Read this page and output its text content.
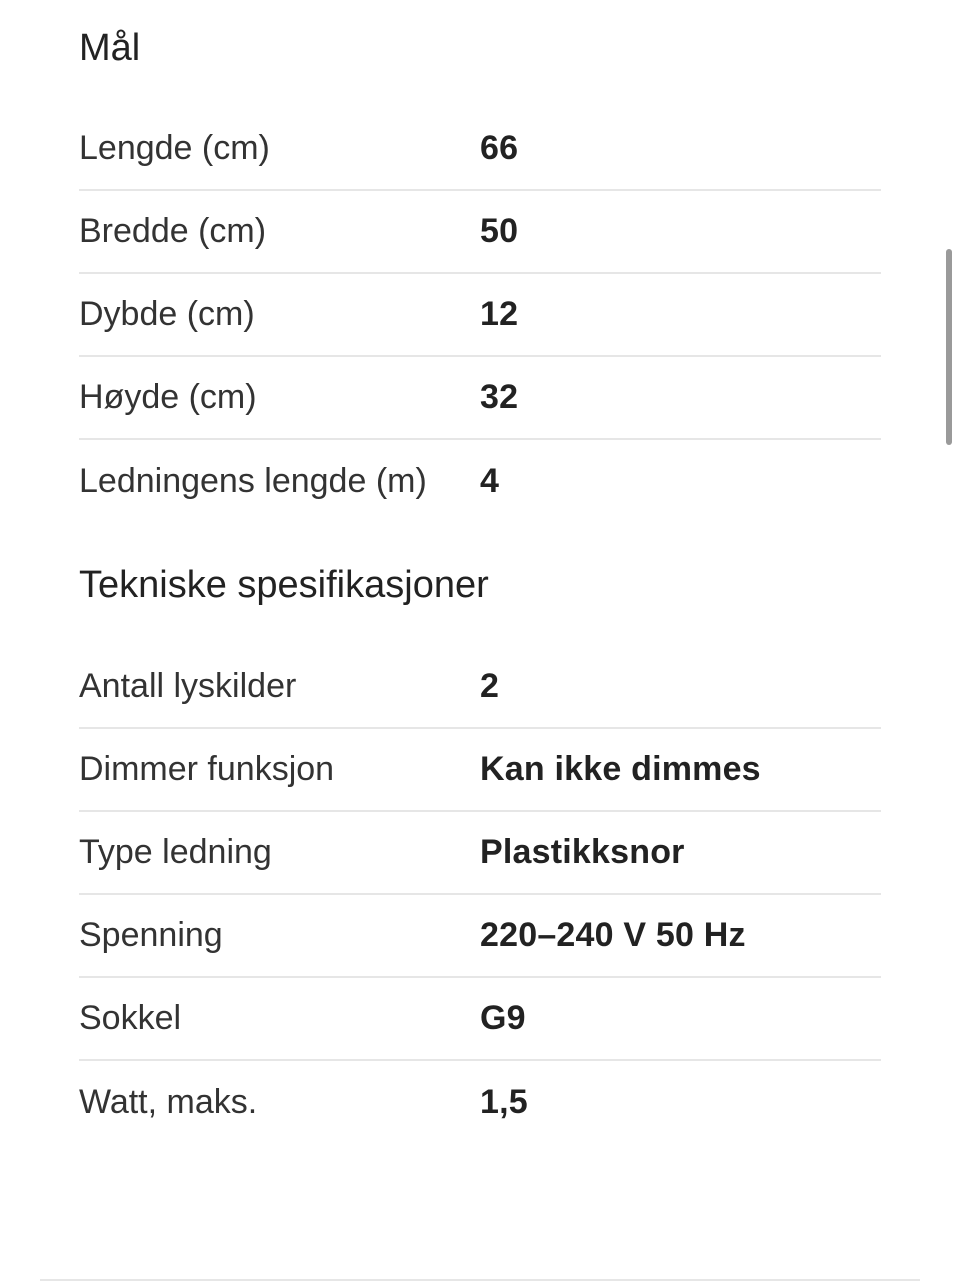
Mål
Lengde (cm)	66
Bredde (cm)	50
Dybde (cm)	12
Høyde (cm)	32
Ledningens lengde (m)	4
Tekniske spesifikasjoner
Antall lyskilder	2
Dimmer funksjon	Kan ikke dimmes
Type ledning	Plastikksnor
Spenning	220–240 V 50 Hz
Sokkel	G9
Watt, maks.	1,5
